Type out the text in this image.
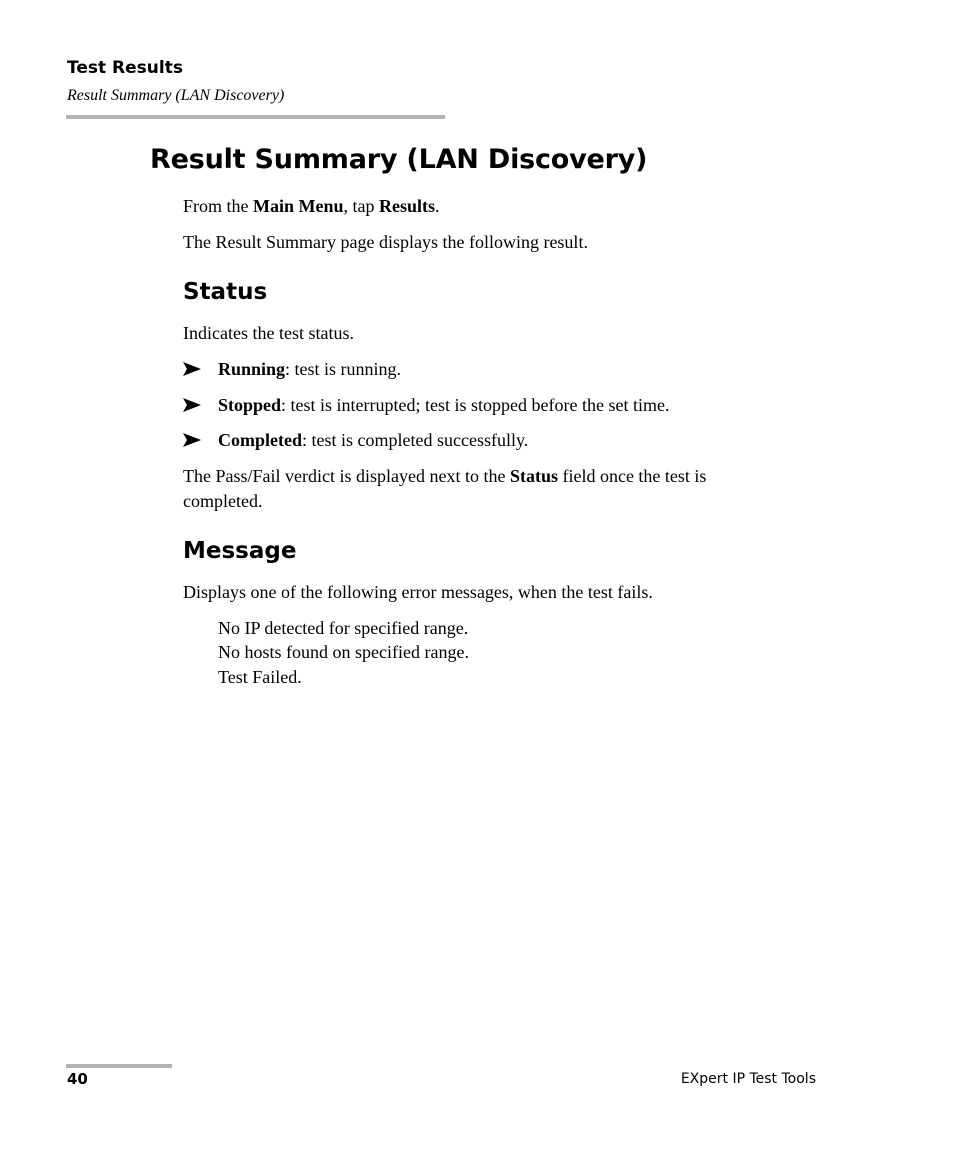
Test Results
Result Summary (LAN Discovery)
Result Summary (LAN Discovery)

From the Main Menu, tap Results.

The Result Summary page displays the following result.

Status

Indicates the test status.

Running: test is running.
Stopped: test is interrupted; test is stopped before the set time.
Completed: test is completed successfully.

The Pass/Fail verdict is displayed next to the Status field once the test is
completed.

Message

Displays one of the following error messages, when the test fails.

No IP detected for specified range.
No hosts found on specified range.
Test Failed.
40	EXpert IP Test Tools
